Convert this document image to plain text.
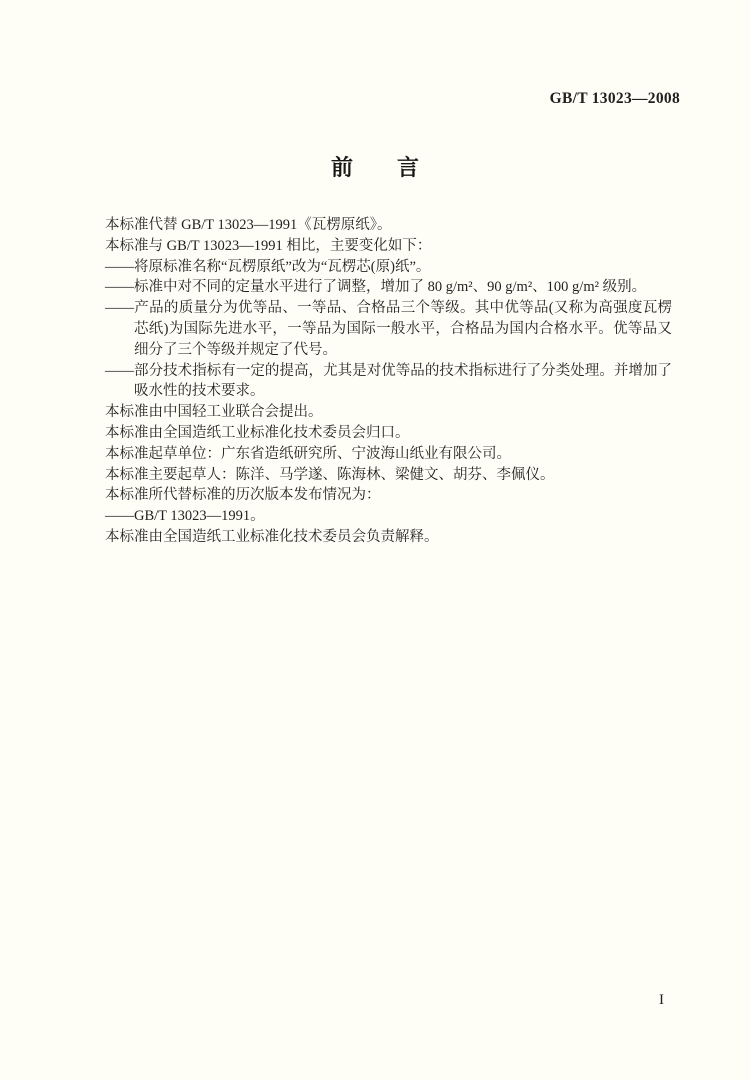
GB/T 13023—2008
前　　言

本标准代替 GB/T 13023—1991《瓦楞原纸》。

本标准与 GB/T 13023—1991 相比，主要变化如下：

——将原标准名称“瓦楞原纸”改为“瓦楞芯(原)纸”。

——标准中对不同的定量水平进行了调整，增加了 80 g/m²、90 g/m²、100 g/m² 级别。

——产品的质量分为优等品、一等品、合格品三个等级。其中优等品(又称为高强度瓦楞芯纸)为国际先进水平，一等品为国际一般水平，合格品为国内合格水平。优等品又细分了三个等级并规定了代号。

——部分技术指标有一定的提高，尤其是对优等品的技术指标进行了分类处理。并增加了吸水性的技术要求。

本标准由中国轻工业联合会提出。

本标准由全国造纸工业标准化技术委员会归口。

本标准起草单位：广东省造纸研究所、宁波海山纸业有限公司。

本标准主要起草人：陈洋、马学遂、陈海林、梁健文、胡芬、李佩仪。

本标准所代替标准的历次版本发布情况为：

——GB/T 13023—1991。

本标准由全国造纸工业标准化技术委员会负责解释。

I
